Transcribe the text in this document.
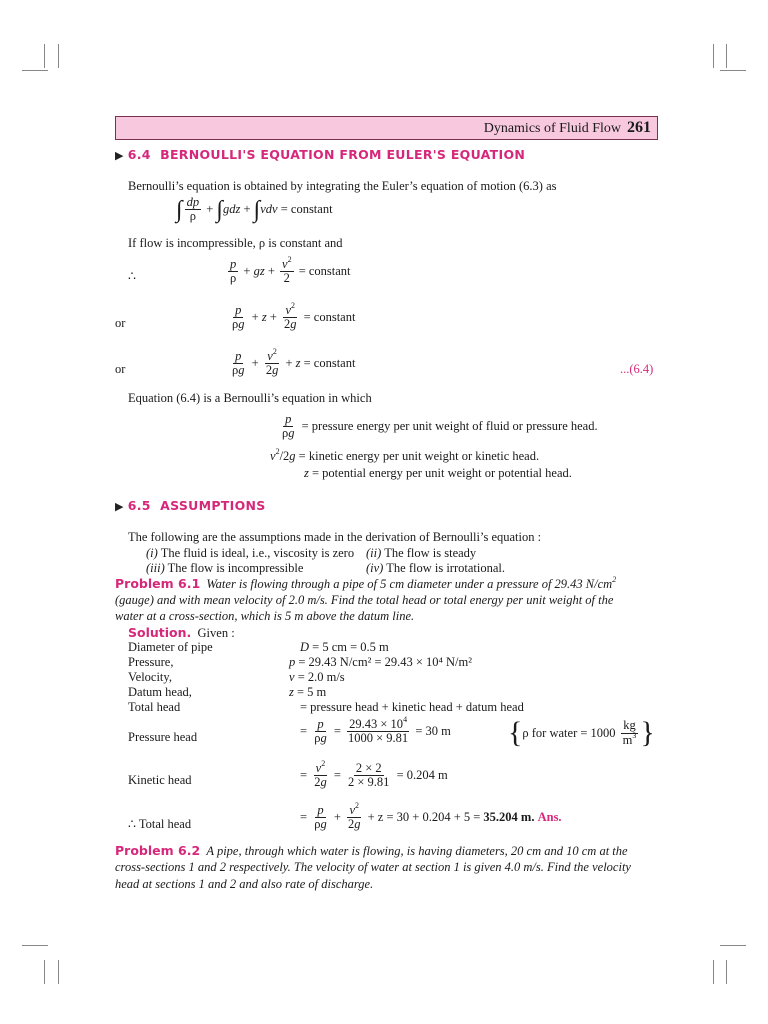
Dynamics of Fluid Flow 261
▶ 6.4 BERNOULLI'S EQUATION FROM EULER'S EQUATION
Bernoulli’s equation is obtained by integrating the Euler’s equation of motion (6.3) as
∫ $\frac{dp}{\rho}$ + ∫ gdz + ∫ vdv
= constant
If flow is incompressible, ρ is constant and
∴	$\frac{p}{\rho}$ + gz + $\frac{v^2}{2}$ = constant
or	$\frac{p}{\rho g} + z + \frac{v^2}{2g}$ = constant
or	$\frac{p}{\rho g} + \frac{v^2}{2g} + z$ = constant	...(6.4)
Equation (6.4) is a Bernoulli’s equation in which
$\frac{p}{\rho g}$
= pressure energy per unit weight of fluid or pressure head.
$v^2/2g$ = kinetic energy per unit weight or kinetic head.
z = potential energy per unit weight or potential head.
▶ 6.5 ASSUMPTIONS
The following are the assumptions made in the derivation of Bernoulli’s equation :
(i) The fluid is ideal, i.e., viscosity is zero (ii) The flow is steady
(iii) The flow is incompressible	(iv) The flow is irrotational.
Problem 6.1 Water is flowing through a pipe of 5 cm diameter under a pressure of 29.43 $N/cm^2$
(gauge) and with mean velocity of 2.0 m/s. Find the total head or total energy per unit weight of the
water at a cross-section, which is 5 m above the datum line.
Solution. Given :
Diameter of pipe	D = 5 cm = 0.5 m
Pressure,	p = 29.43 N/cm² = 29.43 × 10⁴ N/m²
Velocity,	v = 2.0 m/s
Datum head,	z = 5 m
Total head	= pressure head + kinetic head + datum head
Pressure head	= $\frac{p}{\rho g} = \frac{29.43 \times 10^4}{1000 \times 9.81}$
= 30 m { ρ for water = 1000
$\frac{kg}{m^3}$ }
Kinetic head	= $\frac{v^2}{2g} = \frac{2 \times 2}{2 \times 9.81}$
= 0.204 m
∴ Total head	= $\frac{p}{\rho g} + \frac{v^2}{2g}$
+ z = 30 + 0.204 + 5 =
35.204 m.
Ans.
Problem 6.2 A pipe, through which water is flowing, is having diameters, 20 cm and 10 cm at the
cross-sections 1 and 2 respectively. The velocity of water at section 1 is given 4.0 m/s. Find the velocity
head at sections 1 and 2 and also rate of discharge.
